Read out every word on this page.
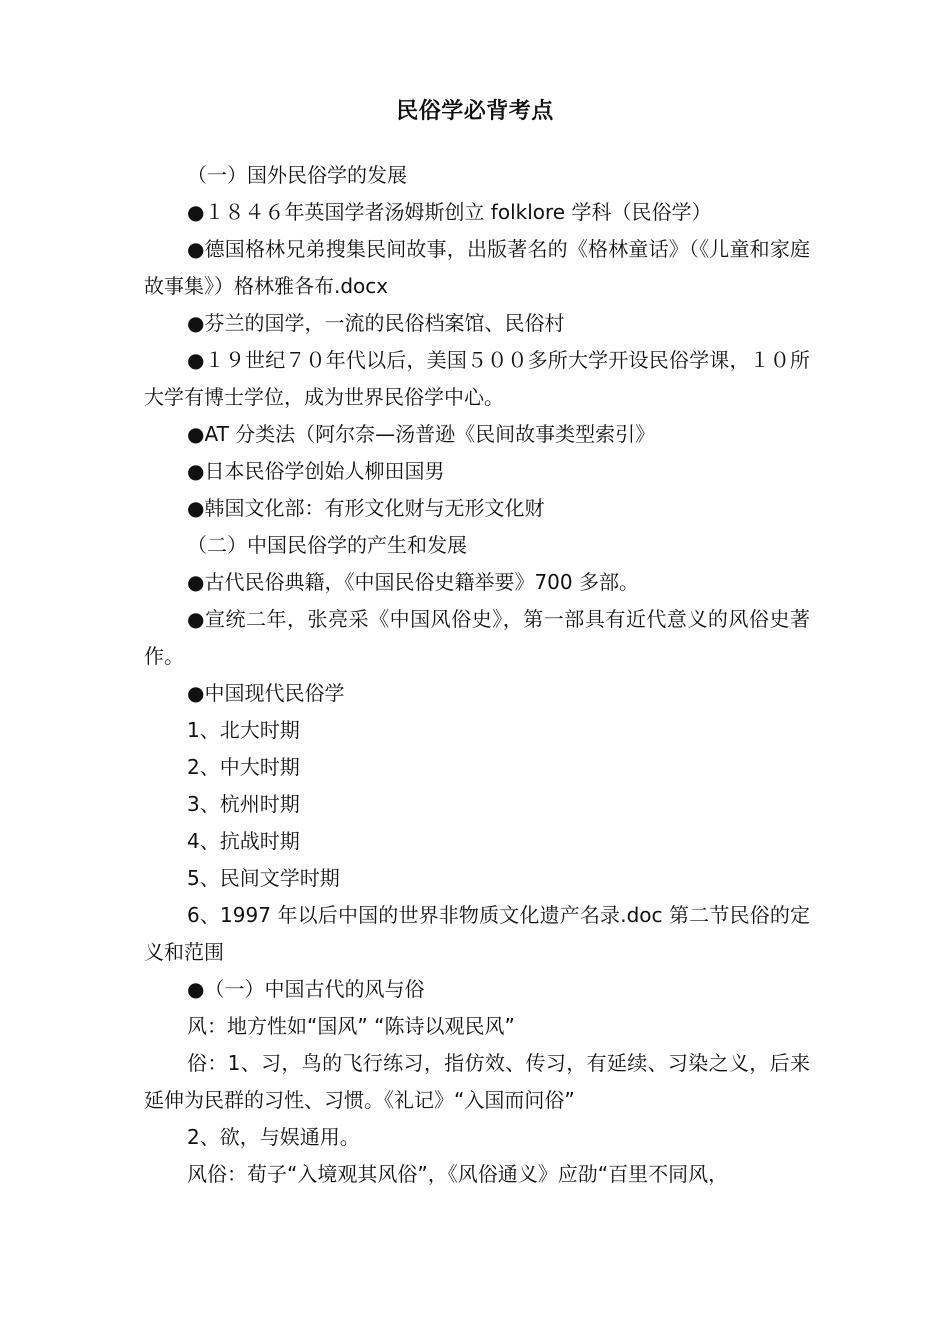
民俗学必背考点

（一）国外民俗学的发展

●１８４６年英国学者汤姆斯创立 folklore 学科（民俗学）

●德国格林兄弟搜集民间故事，出版著名的《格林童话》（《儿童和家庭故事集》）格林雅各布.docx

●芬兰的国学，一流的民俗档案馆、民俗村

●１９世纪７０年代以后，美国５００多所大学开设民俗学课，１０所大学有博士学位，成为世界民俗学中心。

●AT 分类法（阿尔奈—汤普逊《民间故事类型索引》

●日本民俗学创始人柳田国男

●韩国文化部：有形文化财与无形文化财

（二）中国民俗学的产生和发展

●古代民俗典籍，《中国民俗史籍举要》700 多部。

●宣统二年，张亮采《中国风俗史》，第一部具有近代意义的风俗史著作。

●中国现代民俗学

1、北大时期

2、中大时期

3、杭州时期

4、抗战时期

5、民间文学时期

6、1997 年以后中国的世界非物质文化遗产名录.doc 第二节民俗的定义和范围

●（一）中国古代的风与俗

风：地方性如“国风” “陈诗以观民风”

俗：1、习，鸟的飞行练习，指仿效、传习，有延续、习染之义，后来延伸为民群的习性、习惯。《礼记》“入国而问俗”

2、欲，与娱通用。

风俗：荀子“入境观其风俗”，《风俗通义》应劭“百里不同风，
